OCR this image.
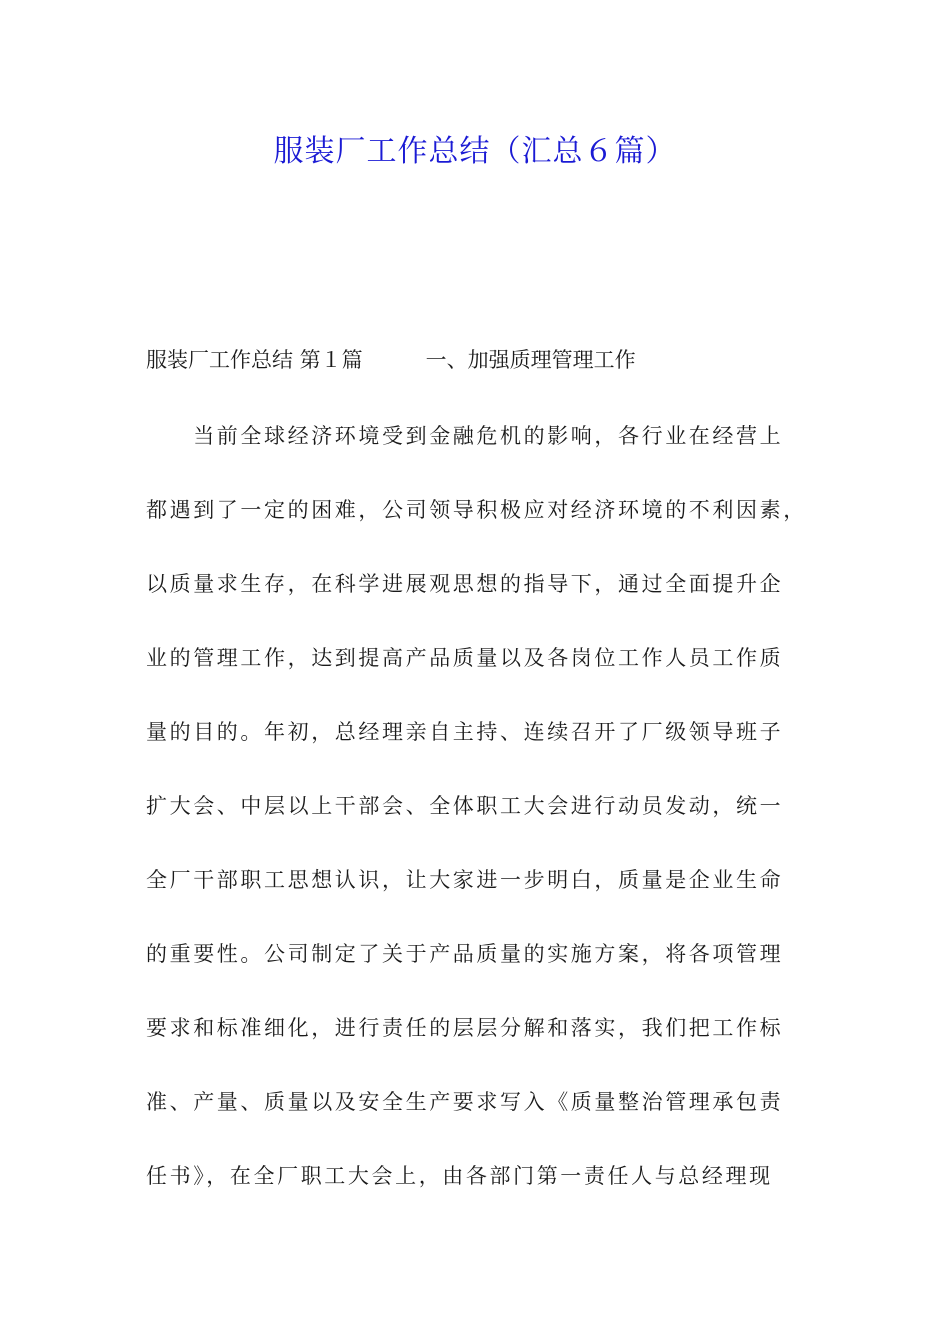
服装厂工作总结（汇总６篇）
服装厂工作总结 第１篇　　　一、加强质理管理工作
　　当前全球经济环境受到金融危机的影响，各行业在经营上
都遇到了一定的困难，公司领导积极应对经济环境的不利因素，
以质量求生存，在科学进展观思想的指导下，通过全面提升企
业的管理工作，达到提高产品质量以及各岗位工作人员工作质
量的目的。年初，总经理亲自主持、连续召开了厂级领导班子
扩大会、中层以上干部会、全体职工大会进行动员发动，统一
全厂干部职工思想认识，让大家进一步明白，质量是企业生命
的重要性。公司制定了关于产品质量的实施方案，将各项管理
要求和标准细化，进行责任的层层分解和落实，我们把工作标
准、产量、质量以及安全生产要求写入《质量整治管理承包责
任书》，在全厂职工大会上，由各部门第一责任人与总经理现
